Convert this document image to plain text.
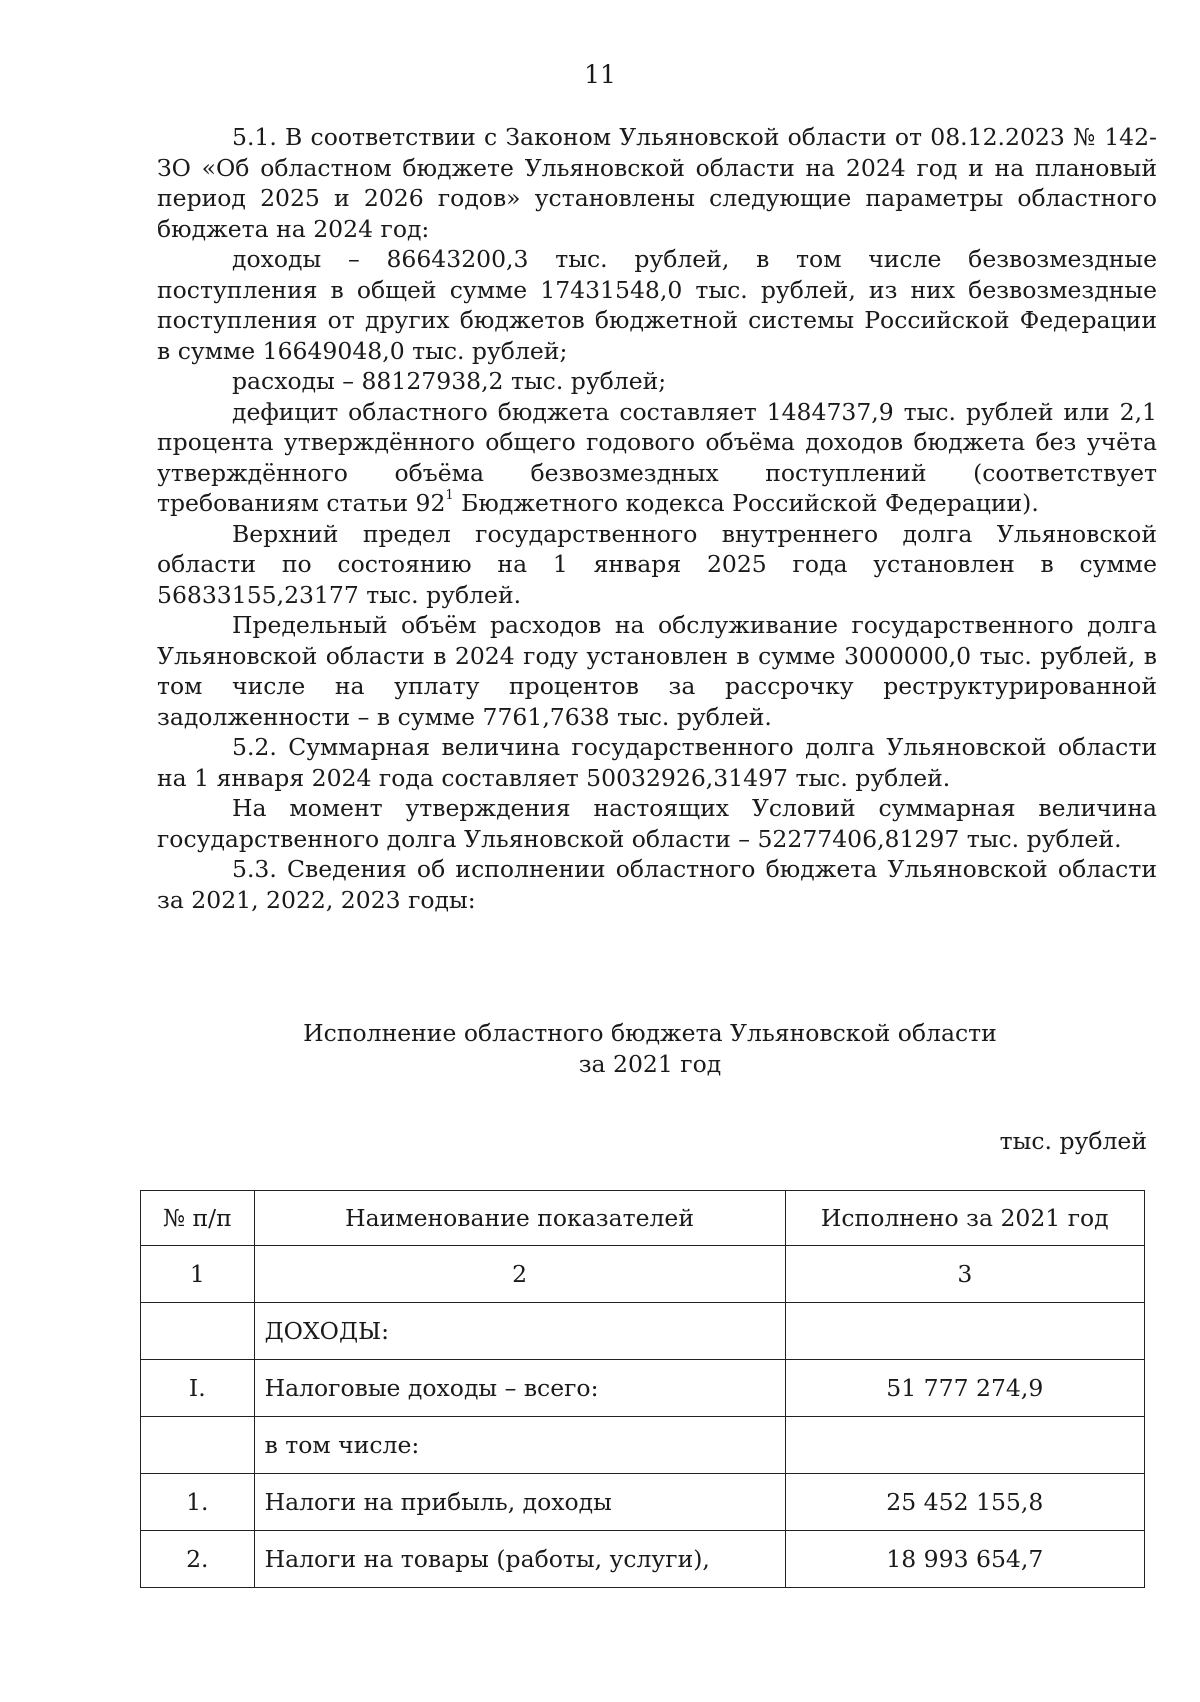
11

5.1. В соответствии с Законом Ульяновской области от 08.12.2023 № 142-ЗО «Об областном бюджете Ульяновской области на 2024 год и на плановый период 2025 и 2026 годов» установлены следующие параметры областного бюджета на 2024 год:

доходы – 86643200,3 тыс. рублей, в том числе безвозмездные поступления в общей сумме 17431548,0 тыс. рублей, из них безвозмездные поступления от других бюджетов бюджетной системы Российской Федерации в сумме 16649048,0 тыс. рублей;

расходы – 88127938,2 тыс. рублей;

дефицит областного бюджета составляет 1484737,9 тыс. рублей или 2,1 процента утверждённого общего годового объёма доходов бюджета без учёта утверждённого объёма безвозмездных поступлений (соответствует требованиям статьи $92^1$ Бюджетного кодекса Российской Федерации).

Верхний предел государственного внутреннего долга Ульяновской области по состоянию на 1 января 2025 года установлен в сумме 56833155,23177 тыс. рублей.

Предельный объём расходов на обслуживание государственного долга Ульяновской области в 2024 году установлен в сумме 3000000,0 тыс. рублей, в том числе на уплату процентов за рассрочку реструктурированной задолженности – в сумме 7761,7638 тыс. рублей.

5.2. Суммарная величина государственного долга Ульяновской области на 1 января 2024 года составляет 50032926,31497 тыс. рублей.

На момент утверждения настоящих Условий суммарная величина государственного долга Ульяновской области – 52277406,81297 тыс. рублей.

5.3. Сведения об исполнении областного бюджета Ульяновской области за 2021, 2022, 2023 годы:

Исполнение областного бюджета Ульяновской области
за 2021 год
тыс. рублей
№ п/п	Наименование показателей	Исполнено за 2021 год
1	2	3
	ДОХОДЫ:	
I.	Налоговые доходы – всего:	51 777 274,9
	в том числе:	
1.	Налоги на прибыль, доходы	25 452 155,8
2.	Налоги на товары (работы, услуги),	18 993 654,7
